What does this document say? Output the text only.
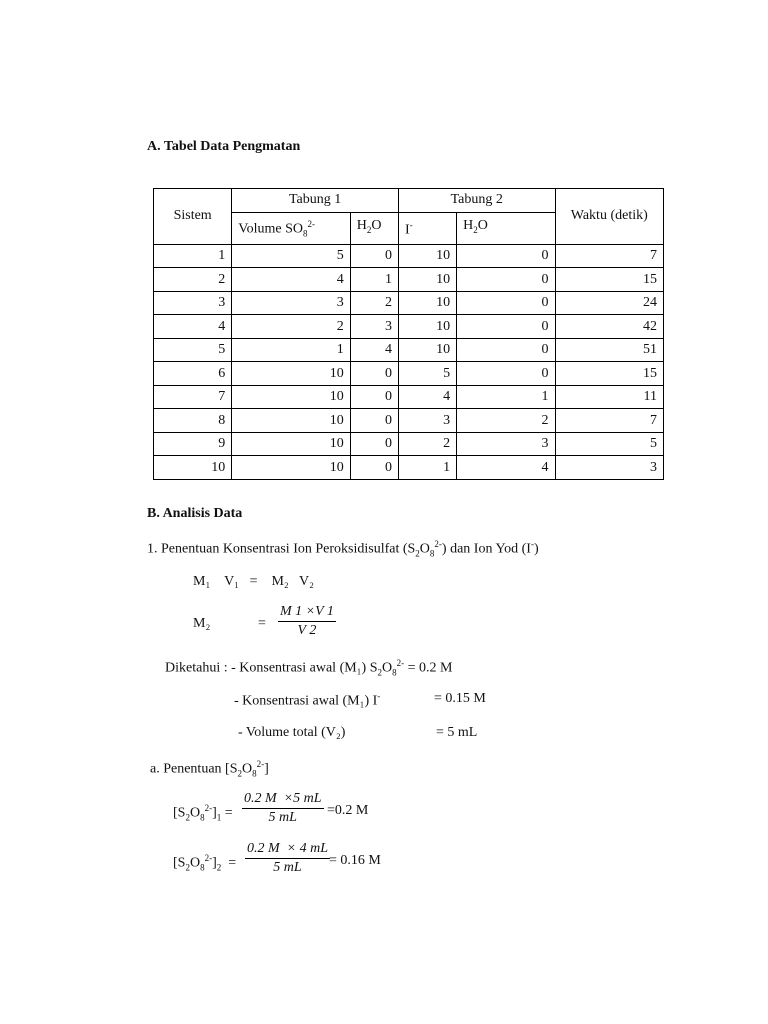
A. Tabel Data Pengmatan
Sistem	Tabung 1		Tabung 2		Waktu (detik)
	Volume $SO_8^{2-}$	$H_2O$	I-	$H_2O$	
1	5	0	10	0	7
2	4	1	10	0	15
3	3	2	10	0	24
4	2	3	10	0	42
5	1	4	10	0	51
6	10	0	5	0	15
7	10	0	4	1	11
8	10	0	3	2	7
9	10	0	2	3	5
10	10	0	1	4	3
B. Analisis Data
1. Penentuan Konsentrasi Ion Peroksidisulfat $(S_2O_8^{2-})$ dan Ion Yod (I-)
M₁    V₁   =    M₂   V₂
M₂	= $\frac{M 1 \times V 1}{V 2}$
Diketahui : - Konsentrasi awal (M₁) $S_2O_8^{2-} = 0.2$ M
- Konsentrasi awal (M₁) I-	= 0.15 M
- Volume total (V₂)	= 5 mL
a. Penentuan $[S_2O_8^{2-}]$
$[S_2O_8^{2-}]_1 = \frac{0.2 M \times 5 mL}{5 mL} =0.2$ M
$[S_2O_8^{2-}]_2 = \frac{0.2 M \times 4 mL}{5 mL}$
= 0.16 M
